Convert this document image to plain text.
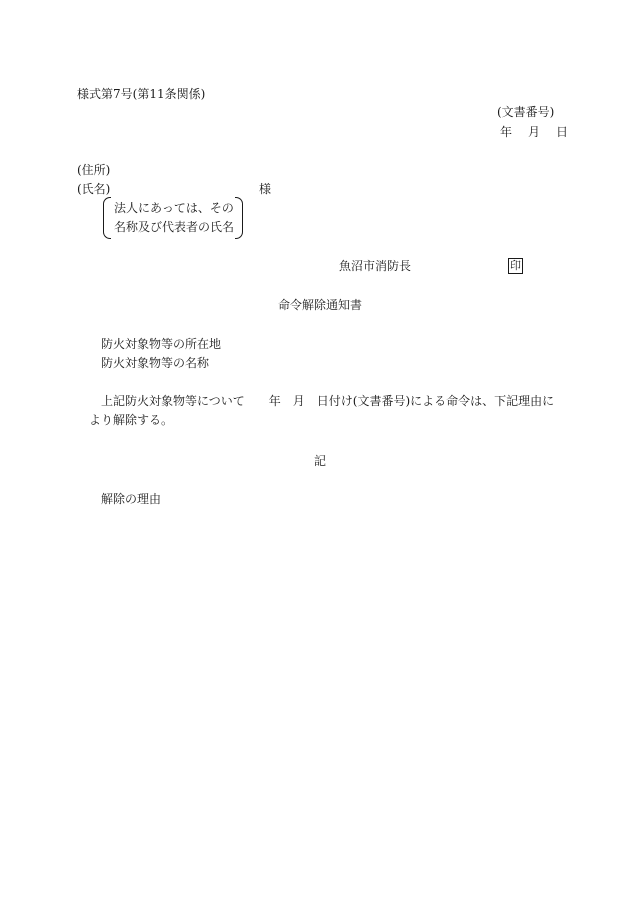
様式第7号(第11条関係)
(文書番号)
年　月　日
(住所)
(氏名)	様
法人にあっては、その
名称及び代表者の氏名
魚沼市消防長	印
命令解除通知書
防火対象物等の所在地
防火対象物等の名称
上記防火対象物等について　　年　月　日付け(文書番号)による命令は、下記理由に
より解除する。
記
解除の理由
